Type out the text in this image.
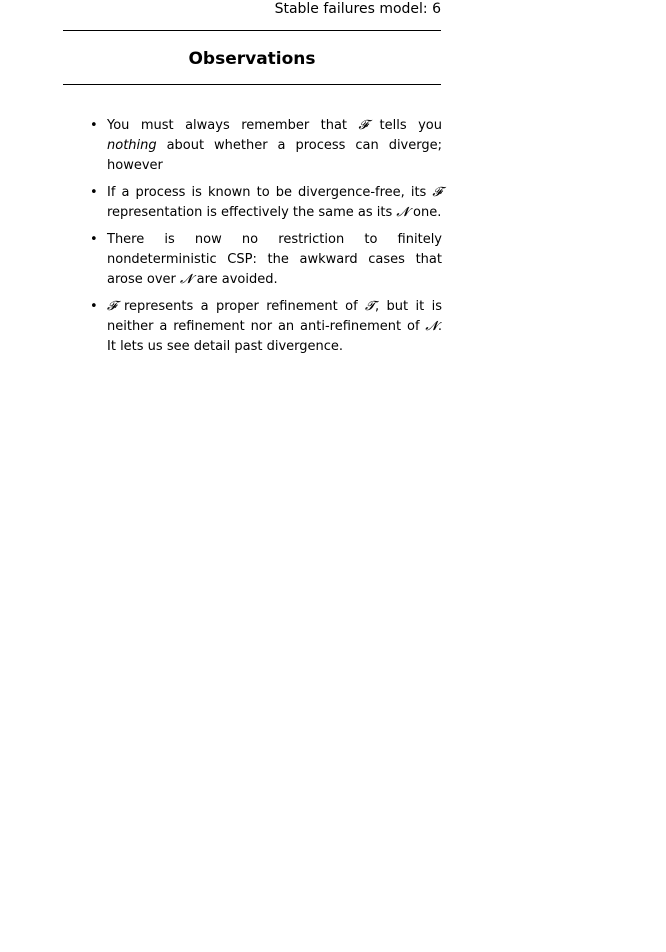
Stable failures model: 6
Observations
• You must always remember that 𝓕 tells you nothing about whether a process can diverge; however
• If a process is known to be divergence-free, its 𝓕 representation is effectively the same as its 𝓝 one.
• There is now no restriction to finitely nondeterministic CSP: the awkward cases that arose over 𝓝 are avoided.
• 𝓕 represents a proper refinement of 𝓣, but it is neither a refinement nor an anti-refinement of 𝓝. It lets us see detail past divergence.
